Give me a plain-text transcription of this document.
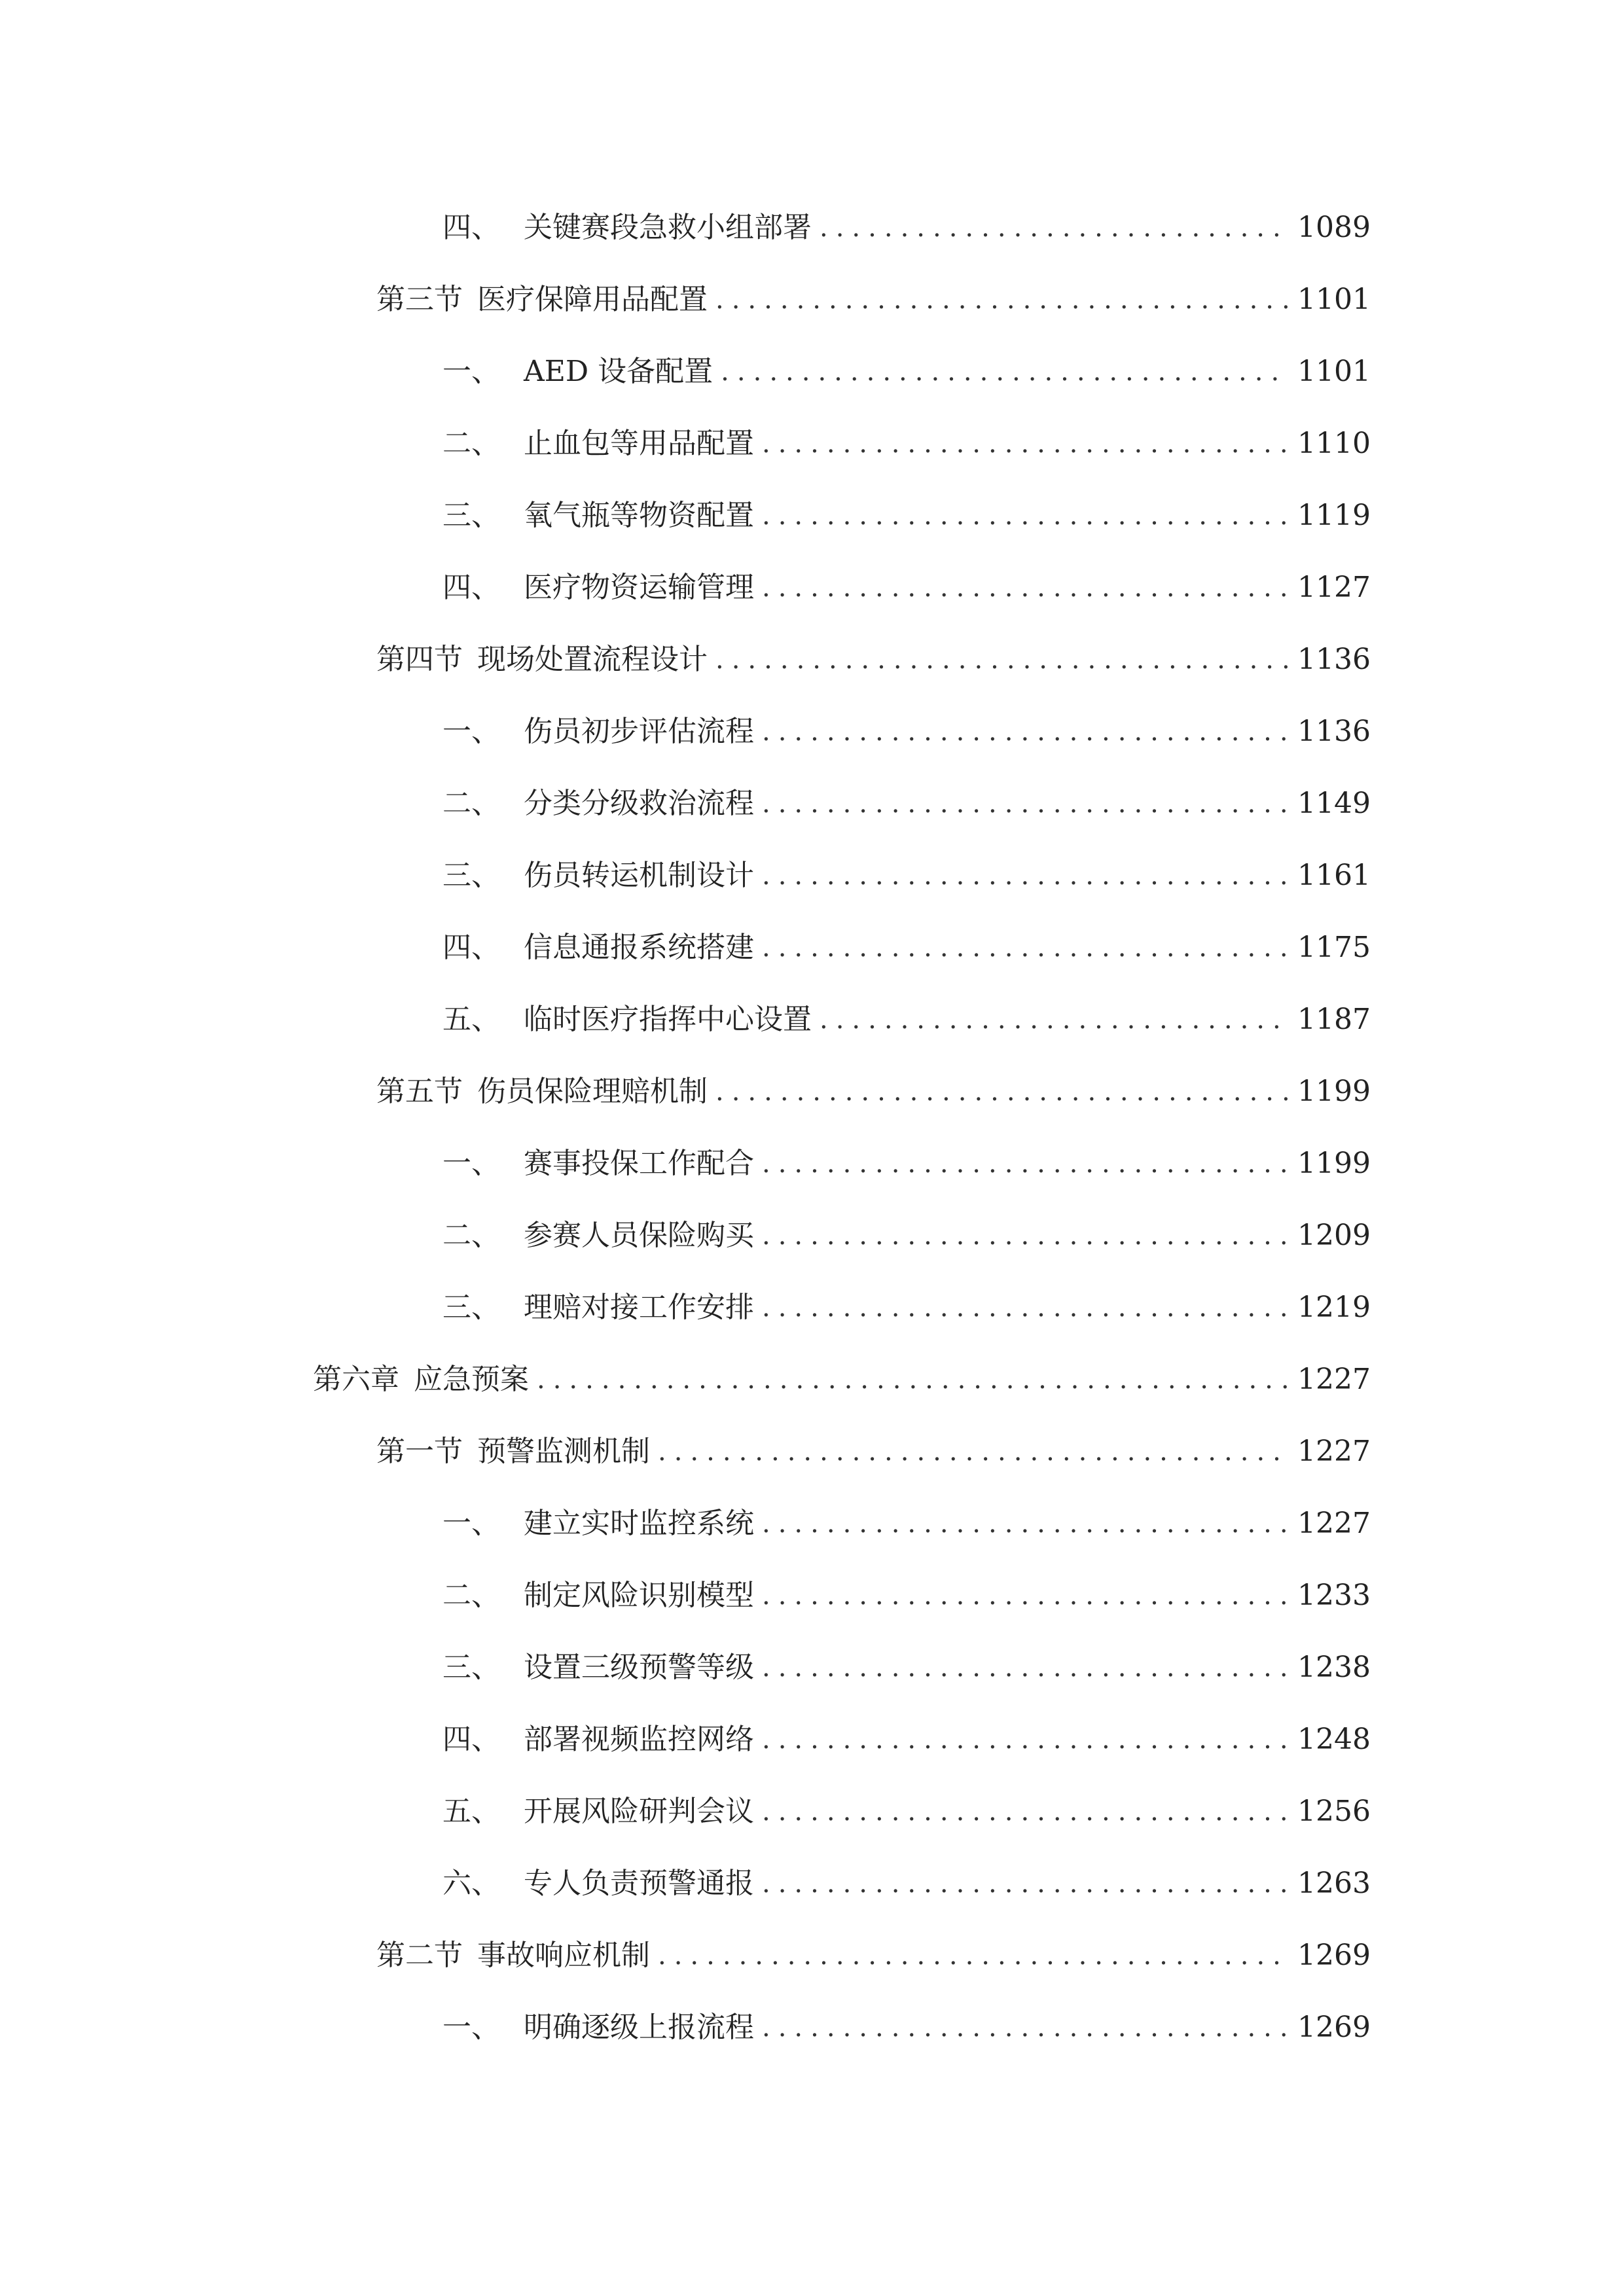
四、 关键赛段急救小组部署 .....	1089
第三节 医疗保障用品配置 .....	1101
一、 AED 设备配置 .....	1101
二、 止血包等用品配置 .....	1110
三、 氧气瓶等物资配置 .....	1119
四、 医疗物资运输管理 .....	1127
第四节 现场处置流程设计 .....	1136
一、 伤员初步评估流程 .....	1136
二、 分类分级救治流程 .....	1149
三、 伤员转运机制设计 .....	1161
四、 信息通报系统搭建 .....	1175
五、 临时医疗指挥中心设置 .....	1187
第五节 伤员保险理赔机制 .....	1199
一、 赛事投保工作配合 .....	1199
二、 参赛人员保险购买 .....	1209
三、 理赔对接工作安排 .....	1219
第六章 应急预案 .....	1227
第一节 预警监测机制 .....	1227
一、 建立实时监控系统 .....	1227
二、 制定风险识别模型 .....	1233
三、 设置三级预警等级 .....	1238
四、 部署视频监控网络 .....	1248
五、 开展风险研判会议 .....	1256
六、 专人负责预警通报 .....	1263
第二节 事故响应机制 .....	1269
一、 明确逐级上报流程 .....	1269
